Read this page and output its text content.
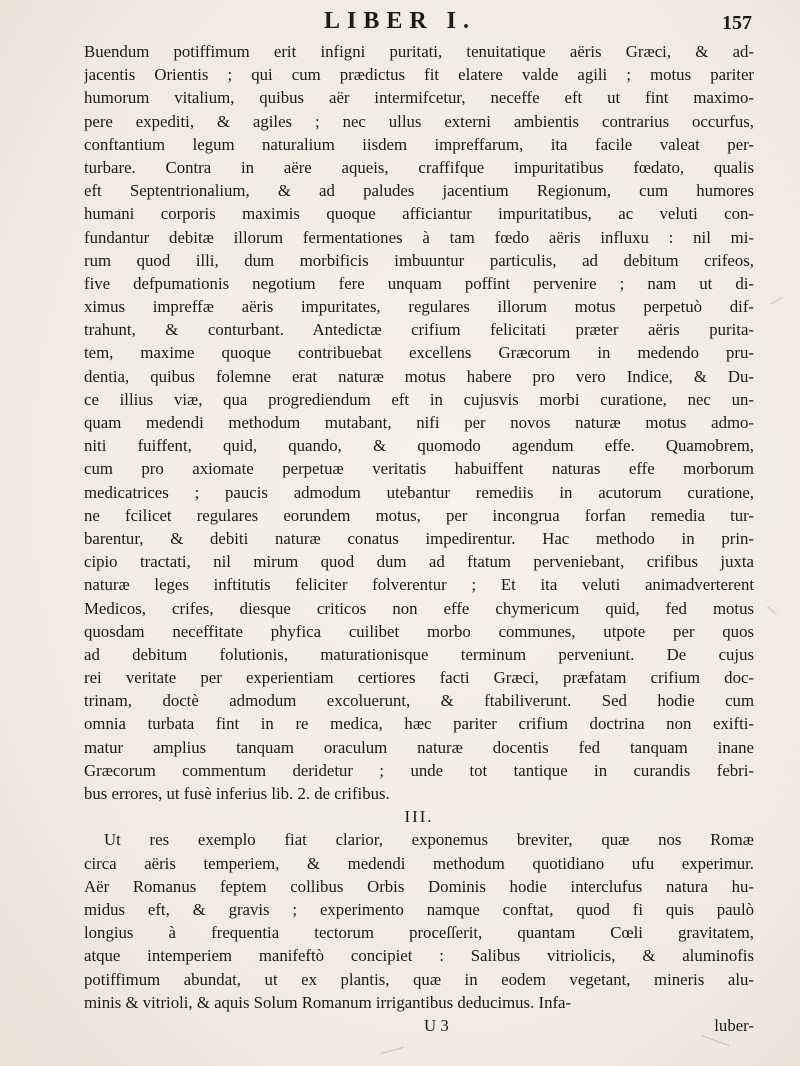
LIBER I.	157
Buendum potiffimum erit infigni puritati, tenuitatique aëris Græci, & ad-
jacentis Orientis ; qui cum prædictus fit elatere valde agili ; motus pariter
humorum vitalium, quibus aër intermifcetur, neceffe eft ut fint maximo-
pere expediti, & agiles ; nec ullus externi ambientis contrarius occurfus,
conftantium legum naturalium iisdem impreffarum, ita facile valeat per-
turbare. Contra in aëre aqueis, craffifque impuritatibus fœdato, qualis
eft Septentrionalium, & ad paludes jacentium Regionum, cum humores
humani corporis maximis quoque afficiantur impuritatibus, ac veluti con-
fundantur debitæ illorum fermentationes à tam fœdo aëris influxu : nil mi-
rum quod illi, dum morbificis imbuuntur particulis, ad debitum crifeos,
five defpumationis negotium fere unquam poffint pervenire ; nam ut di-
ximus impreffæ aëris impuritates, regulares illorum motus perpetuò dif-
trahunt, & conturbant. Antedictæ crifium felicitati præter aëris purita-
tem, maxime quoque contribuebat excellens Græcorum in medendo pru-
dentia, quibus folemne erat naturæ motus habere pro vero Indice, & Du-
ce illius viæ, qua progrediendum eft in cujusvis morbi curatione, nec un-
quam medendi methodum mutabant, nifi per novos naturæ motus admo-
niti fuiffent, quid, quando, & quomodo agendum effe. Quamobrem,
cum pro axiomate perpetuæ veritatis habuiffent naturas effe morborum
medicatrices ; paucis admodum utebantur remediis in acutorum curatione,
ne fcilicet regulares eorundem motus, per incongrua forfan remedia tur-
barentur, & debiti naturæ conatus impedirentur. Hac methodo in prin-
cipio tractati, nil mirum quod dum ad ftatum perveniebant, crifibus juxta
naturæ leges inftitutis feliciter folverentur ; Et ita veluti animadverterent
Medicos, crifes, diesque criticos non effe chymericum quid, fed motus
quosdam neceffitate phyfica cuilibet morbo communes, utpote per quos
ad debitum folutionis, maturationisque terminum perveniunt. De cujus
rei veritate per experientiam certiores facti Græci, præfatam crifium doc-
trinam, doctè admodum excoluerunt, & ftabiliverunt. Sed hodie cum
omnia turbata fint in re medica, hæc pariter crifium doctrina non exifti-
matur amplius tanquam oraculum naturæ docentis fed tanquam inane
Græcorum commentum deridetur ; unde tot tantique in curandis febri-
bus errores, ut fusè inferius lib. 2. de crifibus.
III.
Ut res exemplo fiat clarior, exponemus breviter, quæ nos Romæ
circa aëris temperiem, & medendi methodum quotidiano ufu experimur.
Aër Romanus feptem collibus Orbis Dominis hodie interclufus natura hu-
midus eft, & gravis ; experimento namque conftat, quod fi quis paulò
longius à frequentia tectorum proceſſerit, quantam Cœli gravitatem,
atque intemperiem manifeftò concipiet : Salibus vitriolicis, & aluminofis
potiffimum abundat, ut ex plantis, quæ in eodem vegetant, mineris alu-
minis & vitrioli, & aquis Solum Romanum irrigantibus deducimus. Infa-
U 3	luber-
